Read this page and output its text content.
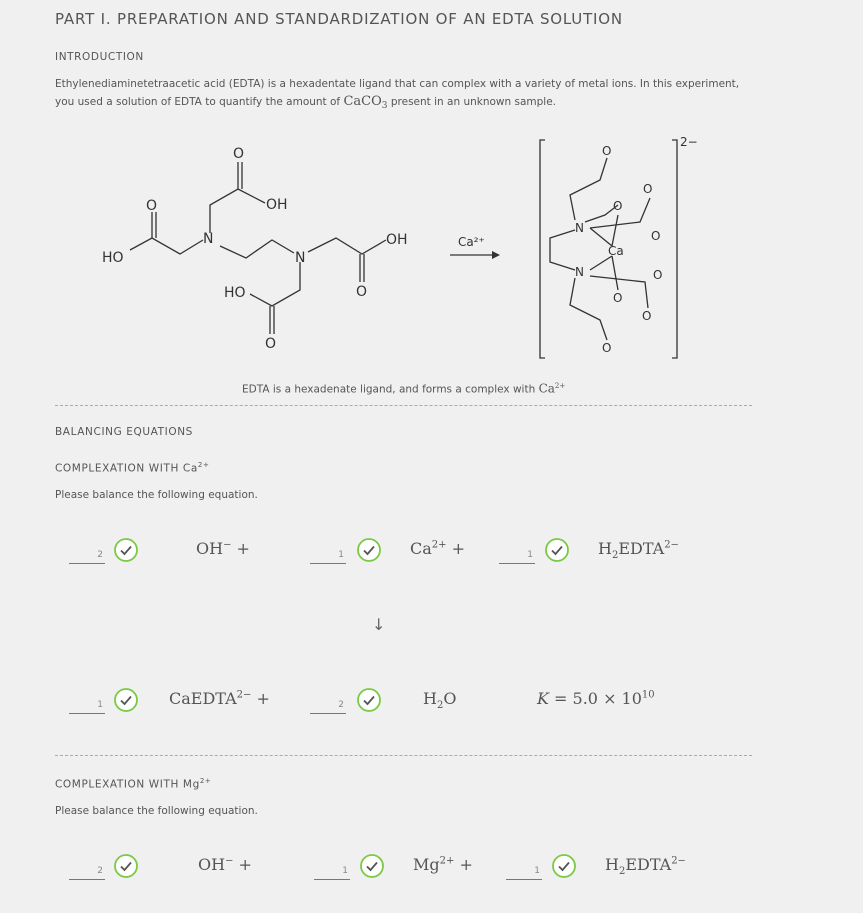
PART I. PREPARATION AND STANDARDIZATION OF AN EDTA SOLUTION
INTRODUCTION
Ethylenediaminetetraacetic acid (EDTA) is a hexadentate ligand that can complex with a variety of metal ions. In this experiment,
you used a solution of EDTA to quantify the amount of CaCO$_3$ present in an unknown sample.
HO
O
N
O
OH
N
OH
O
HO
O
Ca²⁺
2−
O
O
O
O
N
Ca
N	O
O
O
O
EDTA is a hexadenate ligand, and forms a complex with $Ca^{2+}$
BALANCING EQUATIONS
COMPLEXATION WITH $Ca^{2+}$
Please balance the following equation.
2	OH− +	1	$Ca^{2+}$ +	1	$H_2EDTA^{2-}$
↓
1	CaEDTA$^{2-}$ +	2	$H_2O$	$K = 5.0 \times 10^{10}$
COMPLEXATION WITH $Mg^{2+}$
Please balance the following equation.
2	OH− +	1	$Mg^{2+}$ +	1	$H_2EDTA^{2-}$
